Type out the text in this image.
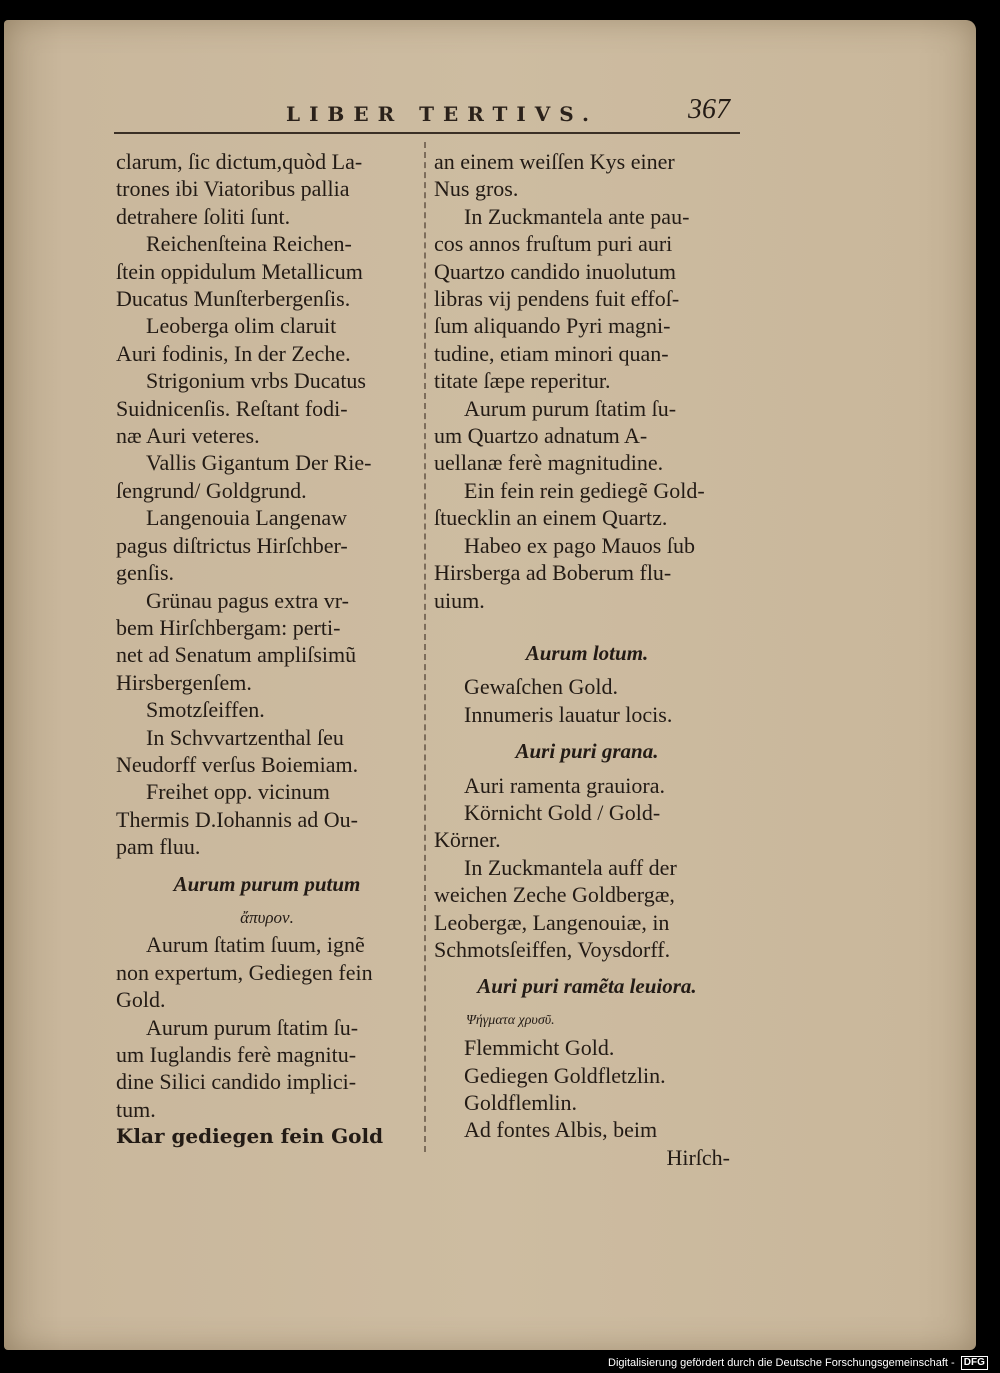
LIBER TERTIVS.	367
clarum, ſic dictum,quòd La-
trones ibi Viatoribus pallia
detrahere ſoliti ſunt.
Reichenſteina Reichen-
ſtein oppidulum Metallicum
Ducatus Munſterbergenſis.
Leoberga olim claruit
Auri fodinis, In der Zeche.
Strigonium vrbs Ducatus
Suidnicenſis. Reſtant fodi-
næ Auri veteres.
Vallis Gigantum Der Rie-
ſengrund/ Goldgrund.
Langenouia Langenaw
pagus diſtrictus Hirſchber-
genſis.
Grünau pagus extra vr-
bem Hirſchbergam: perti-
net ad Senatum ampliſsimũ
Hirsbergenſem.
Smotzſeiffen.
In Schvvartzenthal ſeu
Neudorff verſus Boiemiam.
Freihet opp. vicinum
Thermis D.Iohannis ad Ou-
pam fluu.
Aurum purum putum
ἄπυρον.
Aurum ſtatim ſuum, ignẽ
non expertum, Gediegen fein
Gold.
Aurum purum ſtatim ſu-
um Iuglandis ferè magnitu-
dine Silici candido implici-
tum.
Klar gediegen fein Gold
an einem weiſſen Kys einer
Nus gros.
In Zuckmantela ante pau-
cos annos fruſtum puri auri
Quartzo candido inuolutum
libras vij pendens fuit effoſ-
ſum aliquando Pyri magni-
tudine, etiam minori quan-
titate ſæpe reperitur.
Aurum purum ſtatim ſu-
um Quartzo adnatum A-
uellanæ ferè magnitudine.
Ein fein rein gediegẽ Gold-
ſtuecklin an einem Quartz.
Habeo ex pago Mauos ſub
Hirsberga ad Boberum flu-
uium.
Aurum lotum.
Gewaſchen Gold.
Innumeris lauatur locis.
Auri puri grana.
Auri ramenta grauiora.
Körnicht Gold / Gold-
Körner.
In Zuckmantela auff der
weichen Zeche Goldbergæ,
Leobergæ, Langenouiæ, in
Schmotsſeiffen, Voysdorff.
Auri puri ramẽta leuiora.
Ψήγματα χρυσῦ.
Flemmicht Gold.
Gediegen Goldfletzlin.
Goldflemlin.
Ad fontes Albis, beim
Hirſch-
Digitalisierung gefördert durch die Deutsche Forschungsgemeinschaft - DFG
